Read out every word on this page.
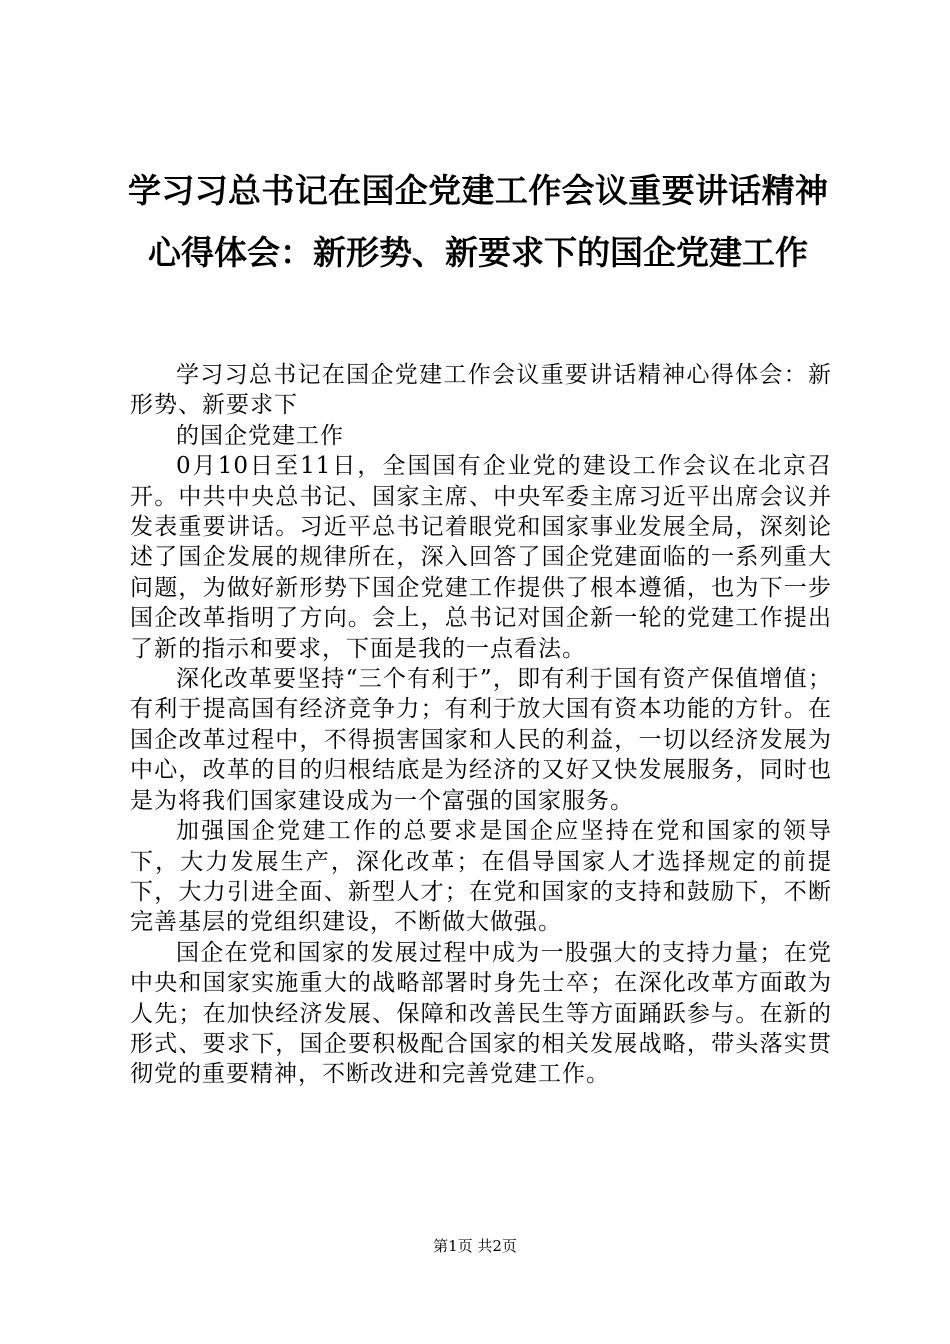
学习习总书记在国企党建工作会议重要讲话精神心得体会：新形势、新要求下的国企党建工作

学习习总书记在国企党建工作会议重要讲话精神心得体会：新形势、新要求下

的国企党建工作

0月10日至11日，全国国有企业党的建设工作会议在北京召开。中共中央总书记、国家主席、中央军委主席习近平出席会议并发表重要讲话。习近平总书记着眼党和国家事业发展全局，深刻论述了国企发展的规律所在，深入回答了国企党建面临的一系列重大问题，为做好新形势下国企党建工作提供了根本遵循，也为下一步国企改革指明了方向。会上，总书记对国企新一轮的党建工作提出了新的指示和要求，下面是我的一点看法。

深化改革要坚持“三个有利于”，即有利于国有资产保值增值；有利于提高国有经济竞争力；有利于放大国有资本功能的方针。在国企改革过程中，不得损害国家和人民的利益，一切以经济发展为中心，改革的目的归根结底是为经济的又好又快发展服务，同时也是为将我们国家建设成为一个富强的国家服务。

加强国企党建工作的总要求是国企应坚持在党和国家的领导下，大力发展生产，深化改革；在倡导国家人才选择规定的前提下，大力引进全面、新型人才；在党和国家的支持和鼓励下，不断完善基层的党组织建设，不断做大做强。

国企在党和国家的发展过程中成为一股强大的支持力量；在党中央和国家实施重大的战略部署时身先士卒；在深化改革方面敢为人先；在加快经济发展、保障和改善民生等方面踊跃参与。在新的形式、要求下，国企要积极配合国家的相关发展战略，带头落实贯彻党的重要精神，不断改进和完善党建工作。

第1页 共2页
